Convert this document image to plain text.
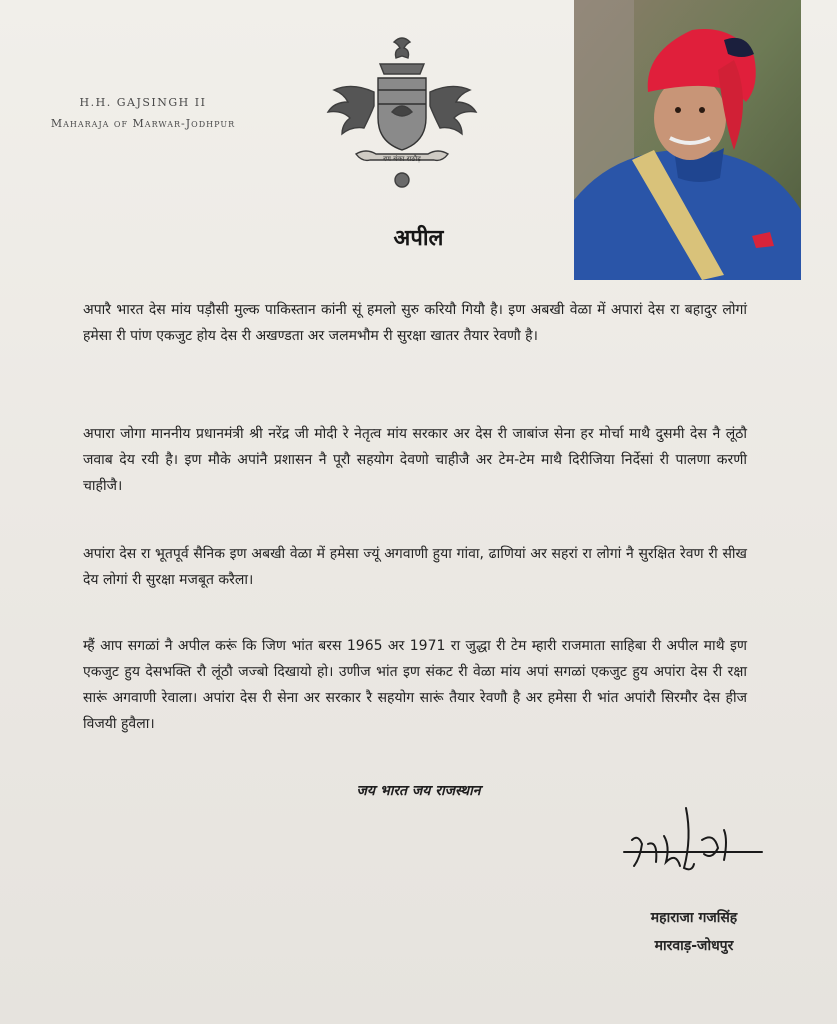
H.H. GAJSINGH II
Maharaja of Marwar-Jodhpur
रण बंका राठौड़
अपील
अपारै भारत देस मांय पड़ौसी मुल्क पाकिस्तान कांनी सूं हमलो सुरु करियौ गियौ है। इण अबखी वेळा में अपारां देस रा बहादुर लोगां हमेसा री पांण एकजुट होय देस री अखण्डता अर जलमभौम री सुरक्षा खातर तैयार रेवणौ है।
अपारा जोगा माननीय प्रधानमंत्री श्री नरेंद्र जी मोदी रे नेतृत्व मांय सरकार अर देस री जाबांज सेना हर मोर्चा माथै दुसमी देस नै लूंठौ जवाब देय रयी है। इण मौके अपांनै प्रशासन नै पूरौ सहयोग देवणो चाहीजै अर टेम-टेम माथै दिरीजिया निर्देसां री पालणा करणी चाहीजै।
अपांरा देस रा भूतपूर्व सैनिक इण अबखी वेळा में हमेसा ज्यूं अगवाणी हुया गांवा, ढाणियां अर सहरां रा लोगां नै सुरक्षित रेवण री सीख देय लोगां री सुरक्षा मजबूत करैला।
म्हैं आप सगळां नै अपील करूं कि जिण भांत बरस 1965 अर 1971 रा जुद्धा री टेम म्हारी राजमाता साहिबा री अपील माथै इण एकजुट हुय देसभक्ति रौ लूंठौ जज्बो दिखायो हो। उणीज भांत इण संकट री वेळा मांय अपां सगळां एकजुट हुय अपांरा देस री रक्षा सारूं अगवाणी रेवाला। अपांरा देस री सेना अर सरकार रै सहयोग सारूं तैयार रेवणौ है अर हमेसा री भांत अपांरौ सिरमौर देस हीज विजयी हुवैला।
जय भारत जय राजस्थान
गजसिंह
महाराजा गजसिंह
मारवाड़-जोधपुर
